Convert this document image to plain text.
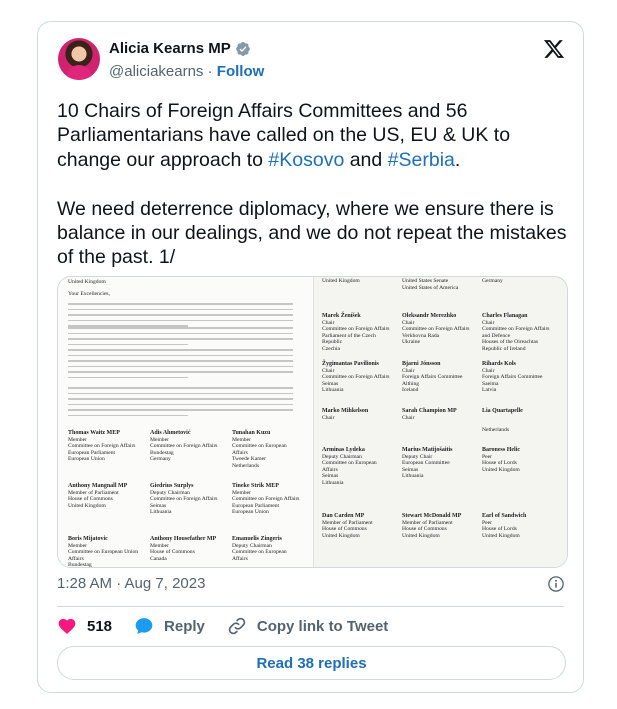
Alicia Kearns MP
@aliciakearns · Follow
10 Chairs of Foreign Affairs Committees and 56 Parliamentarians have called on the US, EU & UK to change our approach to #Kosovo and #Serbia.

We need deterrence diplomacy, where we ensure there is balance in our dealings, and we do not repeat the mistakes of the past. 1/
United Kingdom
Your Excellencies,
Thomas Waitz MEP
Member
Committee on Foreign Affairs
European Parliament
European Union
Adis Ahmetović
Member
Committee on Foreign Affairs
Bundestag
Germany
Tunahan Kuzu
Member
Committee on European
Affairs
Tweede Kamer
Netherlands
Anthony Mangnall MP
Member of Parliament
House of Commons
United Kingdom
Giedrius Surplys
Deputy Chairman
Committee on Foreign Affairs
Seimas
Lithuania
Tineke Strik MEP
Member
Committee on Foreign Affairs
European Parliament
European Union
Boris Mijatovic
Member
Committee on European Union
Affairs
Bundestag
Anthony Housefather MP
Member
House of Commons
Canada
Emanuelis Zingeris
Deputy Chairman
Committee on European
Affairs
United Kingdom	United States Senate
United States of America
Germany
Marek Ženíšek
Chair
Committee on Foreign Affairs
Parliament of the Czech
Republic
Czechia
Oleksandr Merezhko
Chair
Committee on Foreign Affairs
Verkhovna Rada
Ukraine
Charles Flanagan
Chair
Committee on Foreign Affairs
and Defence
Houses of the Oireachtas
Republic of Ireland
Žygimantas Pavilionis
Chair
Committee on Foreign Affairs
Seimas
Lithuania
Bjarni Jónsson
Chair
Foreign Affairs Committee
Althing
Iceland
Rihards Kols
Chair
Foreign Affairs Committee
Saeima
Latvia
Marko Mihkelson
Chair
Sarah Champion MP
Chair
Lia Quartapelle
Netherlands
Arminas Lydeka
Deputy Chairman
Committee on European
Affairs
Seimas
Lithuania
Marius Matijošaitis
Deputy Chair
European Committee
Seimas
Lithuania
Baroness Helic
Peer
House of Lords
United Kingdom
Dan Carden MP
Member of Parliament
House of Commons
United Kingdom
Stewart McDonald MP
Member of Parliament
House of Commons
United Kingdom
Earl of Sandwich
Peer
House of Lords
United Kingdom
1:28 AM · Aug 7, 2023
518	Reply	Copy link to Tweet
Read 38 replies
